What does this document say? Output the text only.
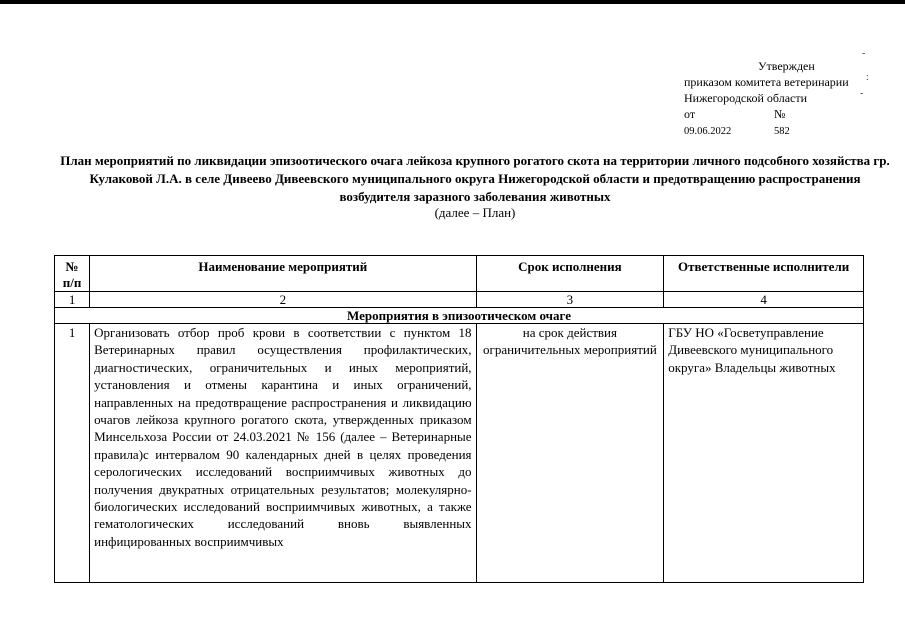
-
:
-
Утвержден
приказом комитета ветеринарии
Нижегородской области
от	№
09.06.2022	582
План мероприятий по ликвидации эпизоотического очага лейкоза крупного рогатого скота на территории личного подсобного хозяйства гр. Кулаковой Л.А. в селе Дивеево Дивеевского муниципального округа Нижегородской области и предотвращению распространения возбудителя заразного заболевания животных
(далее – План)
№ п/п	Наименование мероприятий	Срок исполнения	Ответственные исполнители
1	2	3	4
Мероприятия в эпизоотическом очаге			
1	Организовать отбор проб крови в соответствии с пунктом 18 Ветеринарных правил осуществления профилактических, диагностических, ограничительных и иных мероприятий, установления и отмены карантина и иных ограничений, направленных на предотвращение распространения и ликвидацию очагов лейкоза крупного рогатого скота, утвержденных приказом Минсельхоза России от 24.03.2021 № 156 (далее – Ветеринарные правила)с интервалом 90 календарных дней в целях проведения серологических исследований восприимчивых животных до получения двукратных отрицательных результатов; молекулярно-биологических исследований восприимчивых животных, а также гематологических исследований вновь выявленных инфицированных восприимчивых	на срок действия ограничительных мероприятий	ГБУ НО «Госветуправление Дивеевского муниципального округа» Владельцы животных
